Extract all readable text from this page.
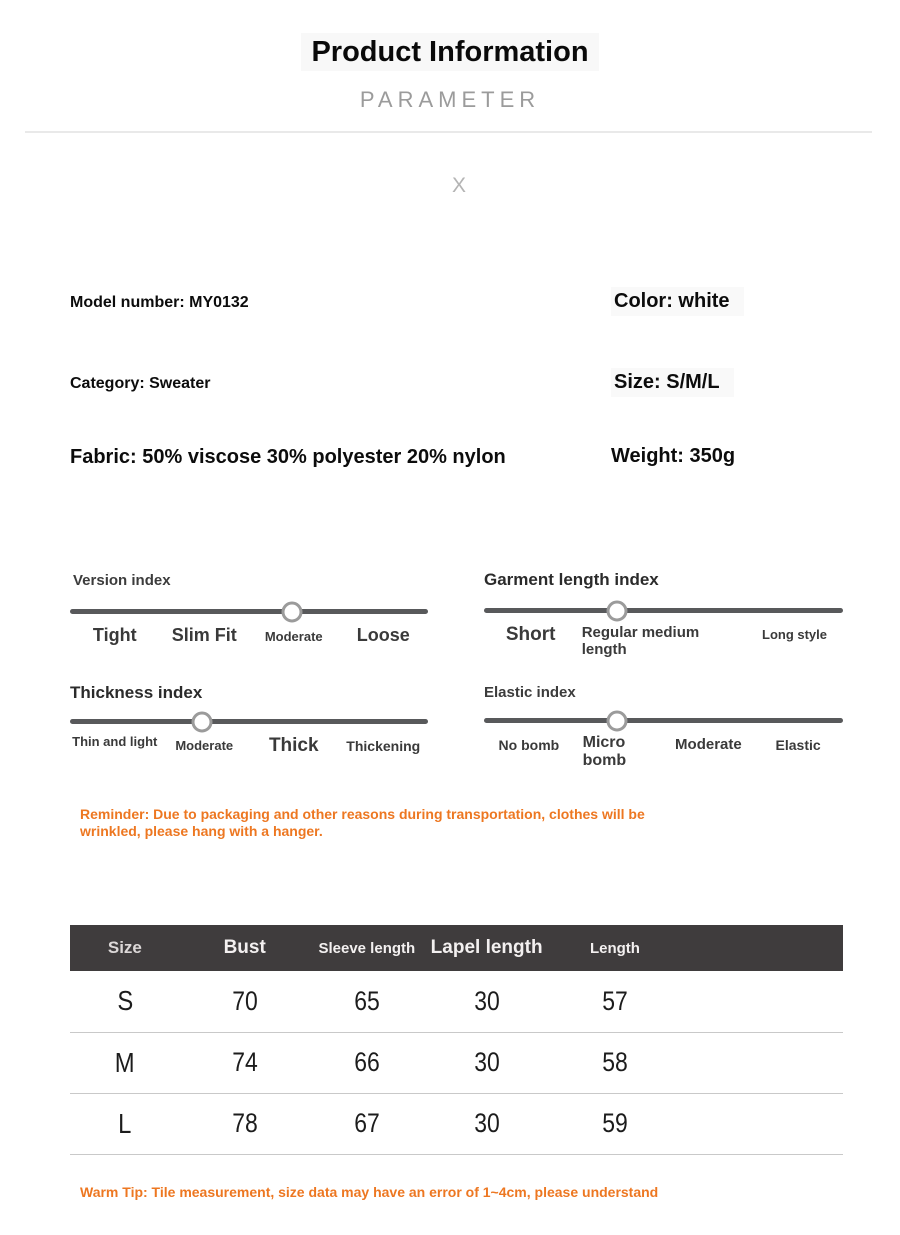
Product Information
PARAMETER
X
Model number: MY0132	Color: white
Category: Sweater	Size: S/M/L
Fabric: 50% viscose 30% polyester 20% nylon	Weight: 350g
Version index
Tight	Slim Fit	Moderate	Loose
Garment length index
Short	Regular medium length
Long style
Thickness index
Thin and light	Moderate	Thick	Thickening
Elastic index
No bomb	Micro bomb
Moderate	Elastic
Reminder: Due to packaging and other reasons during transportation, clothes will be wrinkled, please hang with a hanger.
Size	Bust	Sleeve length	Lapel length	Length	
S	70	65	30	57	
M	74	66	30	58	
L	78	67	30	59	
Warm Tip: Tile measurement, size data may have an error of 1~4cm, please understand
